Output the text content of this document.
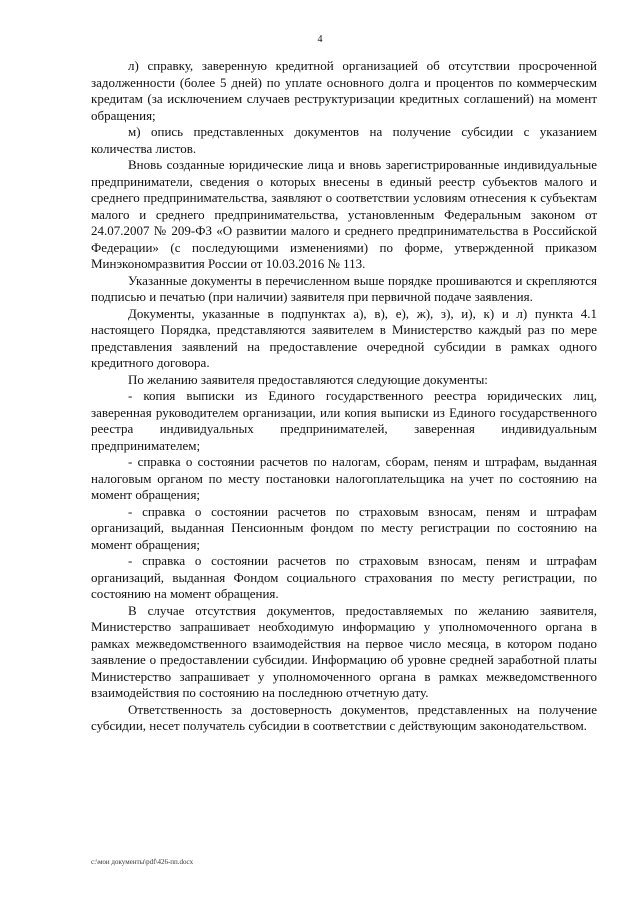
4

л) справку, заверенную кредитной организацией об отсутствии просроченной задолженности (более 5 дней) по уплате основного долга и процентов по коммерческим кредитам (за исключением случаев реструктуризации кредитных соглашений) на момент обращения;

м) опись представленных документов на получение субсидии с указанием количества листов.

Вновь созданные юридические лица и вновь зарегистрированные индивидуальные предприниматели, сведения о которых внесены в единый реестр субъектов малого и среднего предпринимательства, заявляют о соответствии условиям отнесения к субъектам малого и среднего предпринимательства, установленным Федеральным законом от 24.07.2007 № 209-ФЗ «О развитии малого и среднего предпринимательства в Российской Федерации» (с последующими изменениями) по форме, утвержденной приказом Минэкономразвития России от 10.03.2016 № 113.

Указанные документы в перечисленном выше порядке прошиваются и скрепляются подписью и печатью (при наличии) заявителя при первичной подаче заявления.

Документы, указанные в подпунктах а), в), е), ж), з), и), к) и л) пункта 4.1 настоящего Порядка, представляются заявителем в Министерство каждый раз по мере представления заявлений на предоставление очередной субсидии в рамках одного кредитного договора.

По желанию заявителя предоставляются следующие документы:

- копия выписки из Единого государственного реестра юридических лиц, заверенная руководителем организации, или копия выписки из Единого государственного реестра индивидуальных предпринимателей, заверенная индивидуальным предпринимателем;

- справка о состоянии расчетов по налогам, сборам, пеням и штрафам, выданная налоговым органом по месту постановки налогоплательщика на учет по состоянию на момент обращения;

- справка о состоянии расчетов по страховым взносам, пеням и штрафам организаций, выданная Пенсионным фондом по месту регистрации по состоянию на момент обращения;

- справка о состоянии расчетов по страховым взносам, пеням и штрафам организаций, выданная Фондом социального страхования по месту регистрации, по состоянию на момент обращения.

В случае отсутствия документов, предоставляемых по желанию заявителя, Министерство запрашивает необходимую информацию у уполномоченного органа в рамках межведомственного взаимодействия на первое число месяца, в котором подано заявление о предоставлении субсидии. Информацию об уровне средней заработной платы Министерство запрашивает у уполномоченного органа в рамках межведомственного взаимодействия по состоянию на последнюю отчетную дату.

Ответственность за достоверность документов, представленных на получение субсидии, несет получатель субсидии в соответствии с действующим законодательством.

c:\мои документы\pdf\426-пп.docx
